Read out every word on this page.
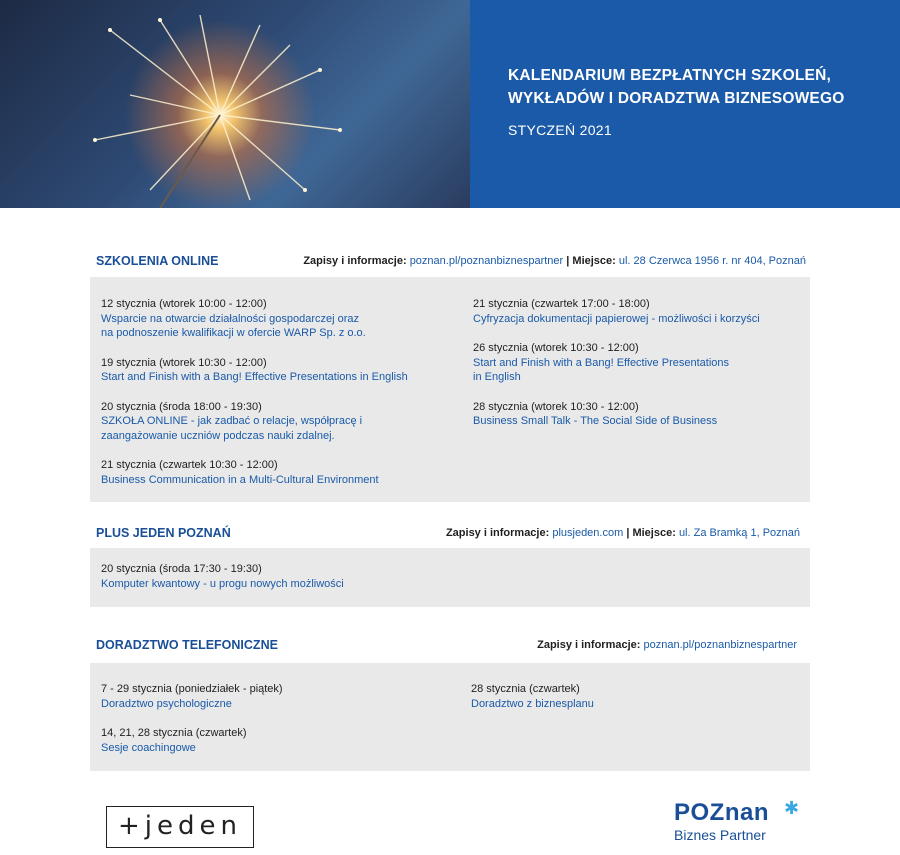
KALENDARIUM BEZPŁATNYCH SZKOLEŃ,
WYKŁADÓW I DORADZTWA BIZNESOWEGO
STYCZEŃ 2021
SZKOLENIA ONLINE	Zapisy i informacje: poznan.pl/poznanbiznespartner | Miejsce: ul. 28 Czerwca 1956 r. nr 404, Poznań
12 stycznia (wtorek 10:00 - 12:00)
Wsparcie na otwarcie działalności gospodarczej oraz
na podnoszenie kwalifikacji w ofercie WARP Sp. z o.o.
19 stycznia (wtorek 10:30 - 12:00)
Start and Finish with a Bang! Effective Presentations in English
20 stycznia (środa 18:00 - 19:30)
SZKOŁA ONLINE - jak zadbać o relacje, współpracę i
zaangażowanie uczniów podczas nauki zdalnej.
21 stycznia (czwartek 10:30 - 12:00)
Business Communication in a Multi-Cultural Environment
21 stycznia (czwartek 17:00 - 18:00)
Cyfryzacja dokumentacji papierowej - możliwości i korzyści
26 stycznia (wtorek 10:30 - 12:00)
Start and Finish with a Bang! Effective Presentations
in English
28 stycznia (wtorek 10:30 - 12:00)
Business Small Talk - The Social Side of Business
PLUS JEDEN POZNAŃ	Zapisy i informacje: plusjeden.com | Miejsce: ul. Za Bramką 1, Poznań
20 stycznia (środa 17:30 - 19:30)
Komputer kwantowy - u progu nowych możliwości
DORADZTWO TELEFONICZNE	Zapisy i informacje: poznan.pl/poznanbiznespartner
7 - 29 stycznia (poniedziałek - piątek)
Doradztwo psychologiczne
14, 21, 28 stycznia (czwartek)
Sesje coachingowe
28 stycznia (czwartek)
Doradztwo z biznesplanu
+jeden	POZnan ✱
Biznes Partner
